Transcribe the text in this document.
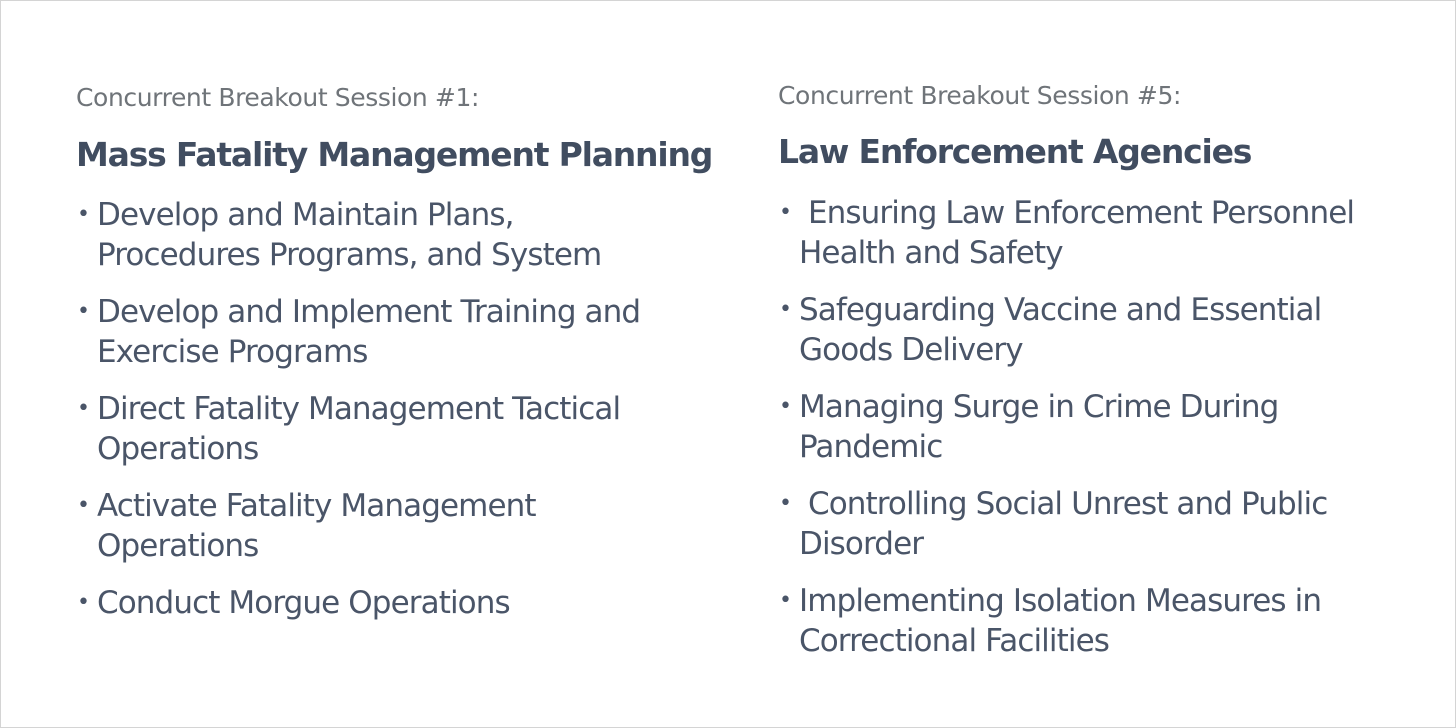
Concurrent Breakout Session #1:
Mass Fatality Management Planning
• Develop and Maintain Plans,
Procedures Programs, and System
• Develop and Implement Training and
Exercise Programs
• Direct Fatality Management Tactical
Operations
• Activate Fatality Management
Operations
• Conduct Morgue Operations
Concurrent Breakout Session #5:
Law Enforcement Agencies
• Ensuring Law Enforcement Personnel
Health and Safety
• Safeguarding Vaccine and Essential
Goods Delivery
• Managing Surge in Crime During
Pandemic
• Controlling Social Unrest and Public
Disorder
• Implementing Isolation Measures in
Correctional Facilities
